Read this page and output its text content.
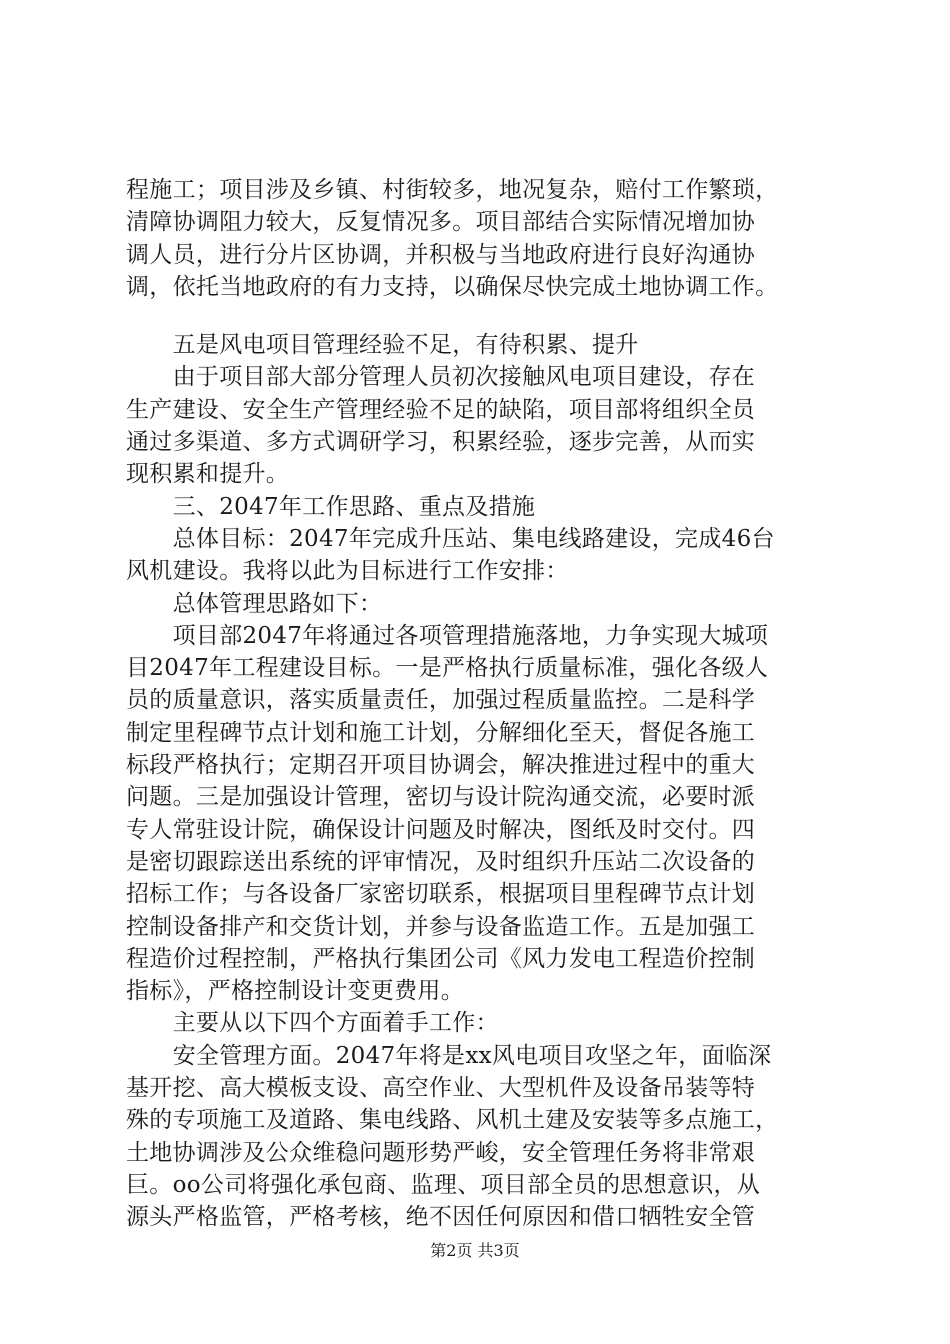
程施工；项目涉及乡镇、村街较多，地况复杂，赔付工作繁琐，
清障协调阻力较大，反复情况多。项目部结合实际情况增加协
调人员，进行分片区协调，并积极与当地政府进行良好沟通协
调，依托当地政府的有力支持，以确保尽快完成土地协调工作。
　　五是风电项目管理经验不足，有待积累、提升
　　由于项目部大部分管理人员初次接触风电项目建设，存在
生产建设、安全生产管理经验不足的缺陷，项目部将组织全员
通过多渠道、多方式调研学习，积累经验，逐步完善，从而实
现积累和提升。
　　三、2047年工作思路、重点及措施
　　总体目标：2047年完成升压站、集电线路建设，完成46台
风机建设。我将以此为目标进行工作安排：
　　总体管理思路如下：
　　项目部2047年将通过各项管理措施落地，力争实现大城项
目2047年工程建设目标。一是严格执行质量标准，强化各级人
员的质量意识，落实质量责任，加强过程质量监控。二是科学
制定里程碑节点计划和施工计划，分解细化至天，督促各施工
标段严格执行；定期召开项目协调会，解决推进过程中的重大
问题。三是加强设计管理，密切与设计院沟通交流，必要时派
专人常驻设计院，确保设计问题及时解决，图纸及时交付。四
是密切跟踪送出系统的评审情况，及时组织升压站二次设备的
招标工作；与各设备厂家密切联系，根据项目里程碑节点计划
控制设备排产和交货计划，并参与设备监造工作。五是加强工
程造价过程控制，严格执行集团公司《风力发电工程造价控制
指标》，严格控制设计变更费用。
　　主要从以下四个方面着手工作：
　　安全管理方面。2047年将是xx风电项目攻坚之年，面临深
基开挖、高大模板支设、高空作业、大型机件及设备吊装等特
殊的专项施工及道路、集电线路、风机土建及安装等多点施工，
土地协调涉及公众维稳问题形势严峻，安全管理任务将非常艰
巨。oo公司将强化承包商、监理、项目部全员的思想意识，从
源头严格监管，严格考核，绝不因任何原因和借口牺牲安全管
第2页 共3页
